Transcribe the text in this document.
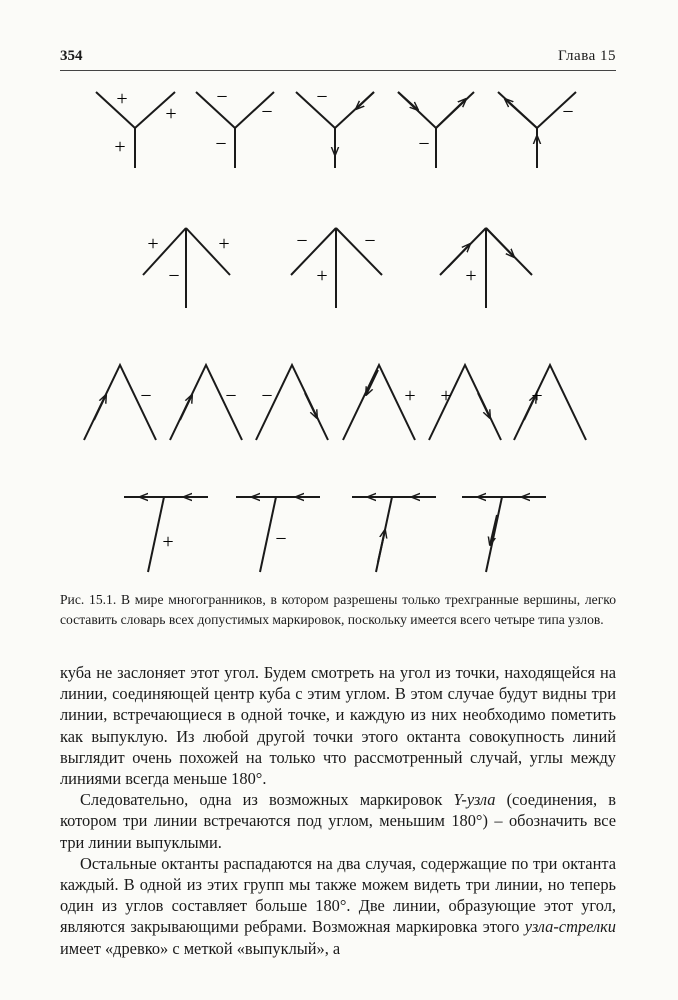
354	Глава 15
+
+
+
−
−
−
−
−
−
+	+
−
−	−
+	+
−	− −	+ +	+
+	−
Рис. 15.1. В мире многогранников, в котором разрешены только трехгранные вершины, легко составить словарь всех допустимых маркировок, поскольку имеется всего четыре типа узлов.

куба не заслоняет этот угол. Будем смотреть на угол из точки, находящейся на линии, соединяющей центр куба с этим углом. В этом случае будут видны три линии, встречающиеся в одной точке, и каждую из них необходимо пометить как выпуклую. Из любой другой точки этого октанта совокупность линий выглядит очень похожей на только что рассмотренный случай, углы между линиями всегда меньше 180°.

Следовательно, одна из возможных маркировок Y-узла (соединения, в котором три линии встречаются под углом, меньшим 180°) – обозначить все три линии выпуклыми.

Остальные октанты распадаются на два случая, содержащие по три октанта каждый. В одной из этих групп мы также можем видеть три линии, но теперь один из углов составляет больше 180°. Две линии, образующие этот угол, являются закрывающими ребрами. Возможная маркировка этого узла-стрелки имеет «древко» с меткой «выпуклый», а
